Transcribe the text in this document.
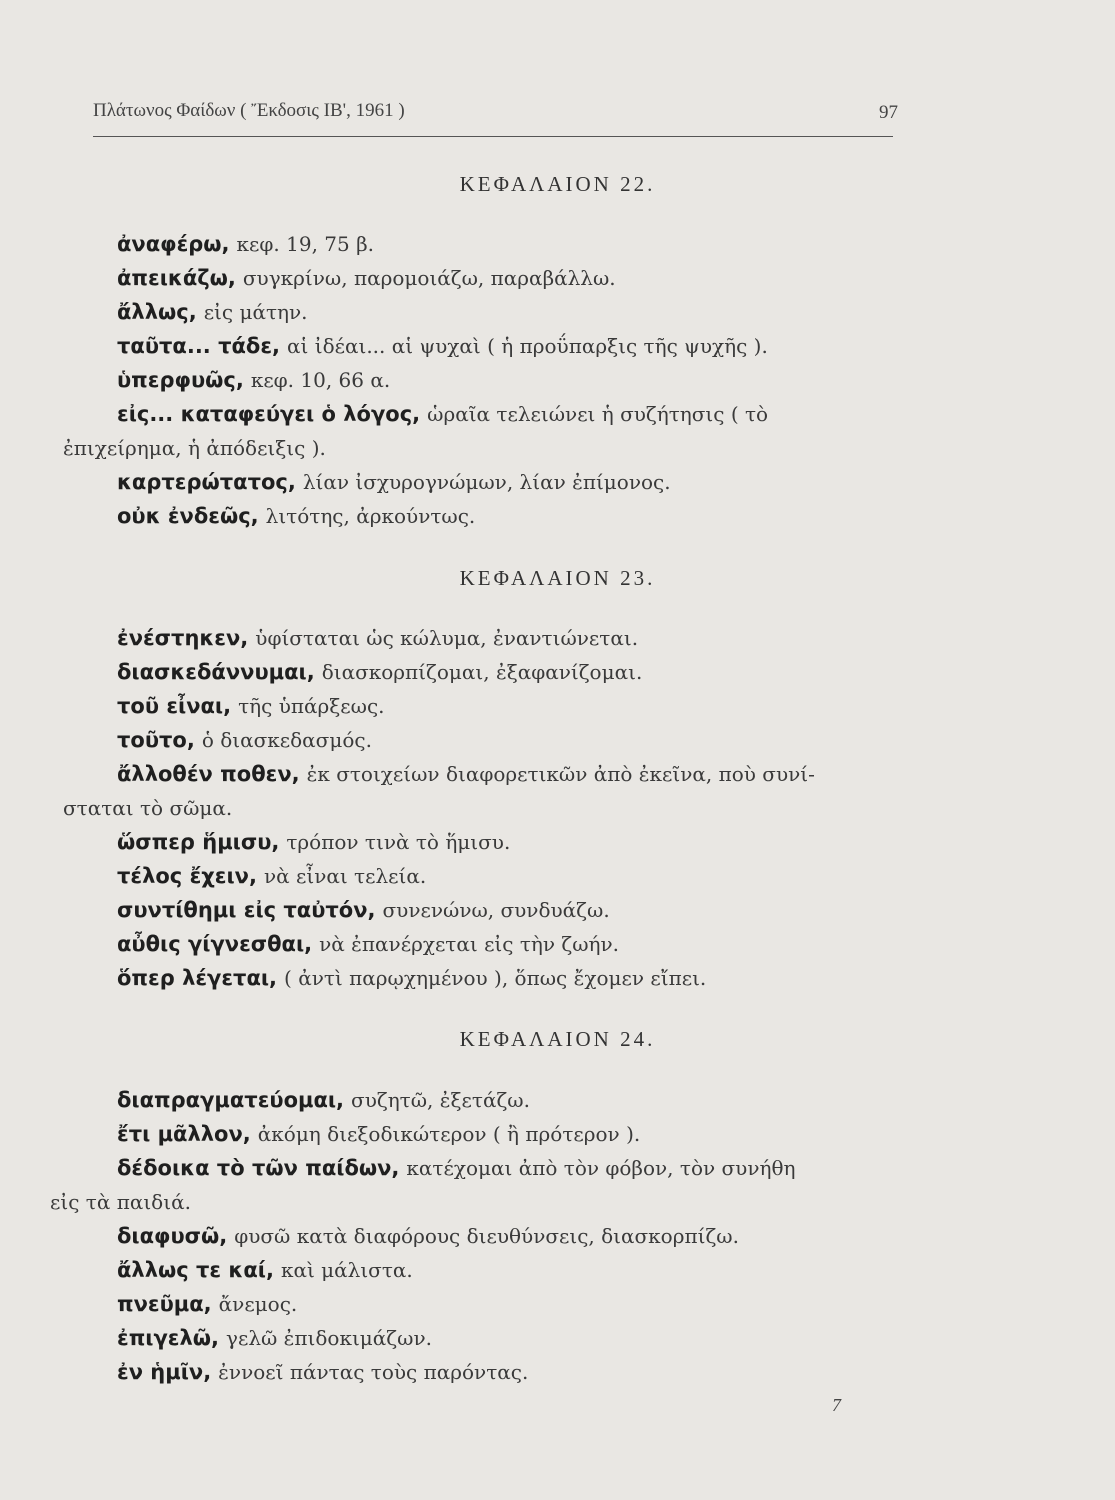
Πλάτωνος Φαίδων ( Ἔκδοσις ΙΒ', 1961 )	97
ΚΕΦΑΛΑΙΟΝ 22.
ἀναφέρω, κεφ. 19, 75 β.
ἀπεικάζω, συγκρίνω, παρομοιάζω, παραβάλλω.
ἄλλως, εἰς μάτην.
ταῦτα... τάδε, αἱ ἰδέαι... αἱ ψυχαὶ ( ἡ προΰπαρξις τῆς ψυχῆς ).
ὑπερφυῶς, κεφ. 10, 66 α.
εἰς... καταφεύγει ὁ λόγος, ὡραῖα τελειώνει ἡ συζήτησις ( τὸ
ἐπιχείρημα, ἡ ἀπόδειξις ).
καρτερώτατος, λίαν ἰσχυρογνώμων, λίαν ἐπίμονος.
οὐκ ἐνδεῶς, λιτότης, ἀρκούντως.
ΚΕΦΑΛΑΙΟΝ 23.
ἐνέστηκεν, ὑφίσταται ὡς κώλυμα, ἐναντιώνεται.
διασκεδάννυμαι, διασκορπίζομαι, ἐξαφανίζομαι.
τοῦ εἶναι, τῆς ὑπάρξεως.
τοῦτο, ὁ διασκεδασμός.
ἄλλοθέν ποθεν, ἐκ στοιχείων διαφορετικῶν ἀπὸ ἐκεῖνα, ποὺ συνί-
σταται τὸ σῶμα.
ὥσπερ ἥμισυ, τρόπον τινὰ τὸ ἥμισυ.
τέλος ἔχειν, νὰ εἶναι τελεία.
συντίθημι εἰς ταὐτόν, συνενώνω, συνδυάζω.
αὖθις γίγνεσθαι, νὰ ἐπανέρχεται εἰς τὴν ζωήν.
ὅπερ λέγεται, ( ἀντὶ παρῳχημένου ), ὅπως ἔχομεν εἴπει.
ΚΕΦΑΛΑΙΟΝ 24.
διαπραγματεύομαι, συζητῶ, ἐξετάζω.
ἔτι μᾶλλον, ἀκόμη διεξοδικώτερον ( ἢ πρότερον ).
δέδοικα τὸ τῶν παίδων, κατέχομαι ἀπὸ τὸν φόβον, τὸν συνήθη
εἰς τὰ παιδιά.
διαφυσῶ, φυσῶ κατὰ διαφόρους διευθύνσεις, διασκορπίζω.
ἄλλως τε καί, καὶ μάλιστα.
πνεῦμα, ἄνεμος.
ἐπιγελῶ, γελῶ ἐπιδοκιμάζων.
ἐν ἡμῖν, ἐννοεῖ πάντας τοὺς παρόντας.
7
